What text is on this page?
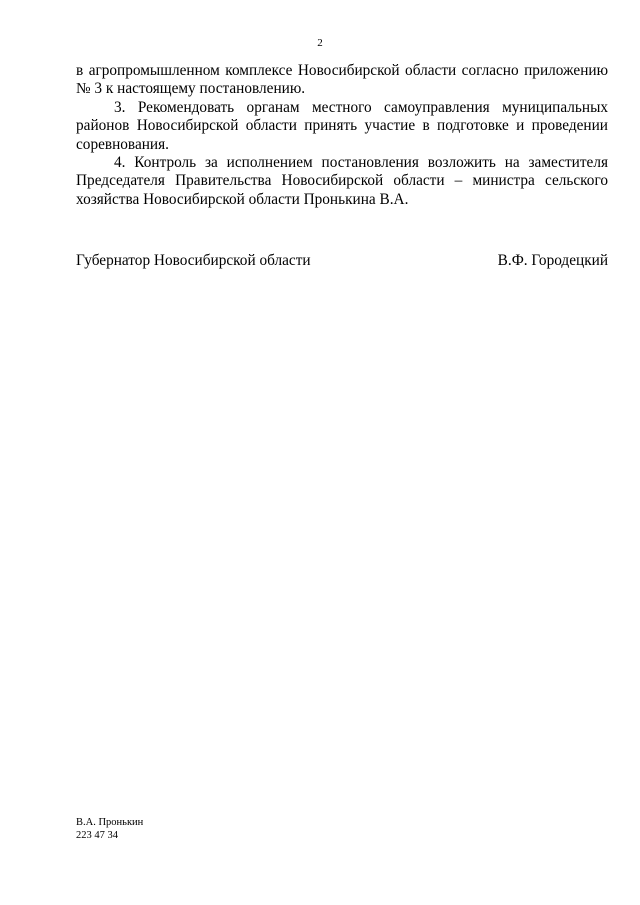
2

в агропромышленном комплексе Новосибирской области согласно приложению № 3 к настоящему постановлению.

3. Рекомендовать органам местного самоуправления муниципальных районов Новосибирской области принять участие в подготовке и проведении соревнования.

4. Контроль за исполнением постановления возложить на заместителя Председателя Правительства Новосибирской области – министра сельского хозяйства Новосибирской области Пронькина В.А.

Губернатор Новосибирской области	В.Ф. Городецкий
В.А. Пронькин
223 47 34
